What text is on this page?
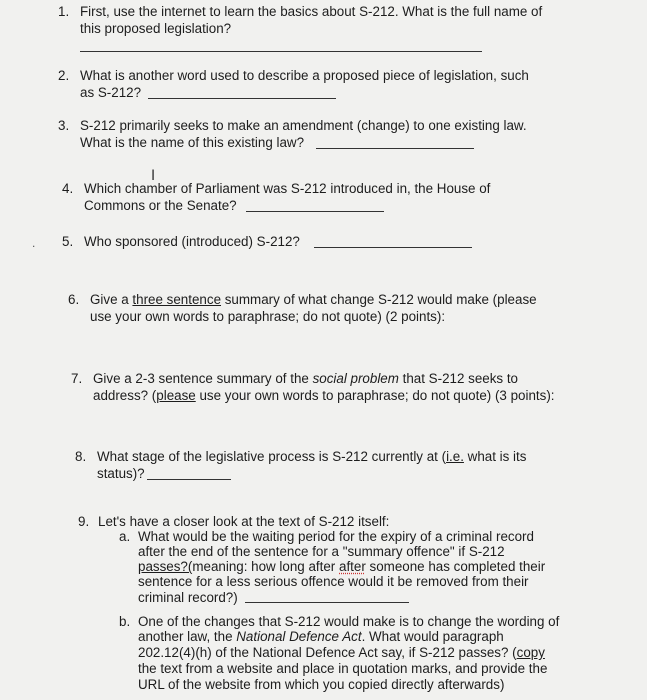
1. First, use the internet to learn the basics about S-212. What is the full name of
this proposed legislation?
2. What is another word used to describe a proposed piece of legislation, such
as S-212?
3. S-212 primarily seeks to make an amendment (change) to one existing law.
What is the name of this existing law?
I
4. Which chamber of Parliament was S-212 introduced in, the House of
Commons or the Senate?
. 5. Who sponsored (introduced) S-212?
6. Give a three sentence summary of what change S-212 would make (please
use your own words to paraphrase; do not quote) (2 points):
7. Give a 2-3 sentence summary of the social problem that S-212 seeks to
address? (please use your own words to paraphrase; do not quote) (3 points):
8. What stage of the legislative process is S-212 currently at (i.e. what is its
status)?
9. Let's have a closer look at the text of S-212 itself:
a. What would be the waiting period for the expiry of a criminal record
after the end of the sentence for a "summary offence" if S-212
passes?(meaning: how long after after someone has completed their
sentence for a less serious offence would it be removed from their
criminal record?)
b. One of the changes that S-212 would make is to change the wording of
another law, the National Defence Act. What would paragraph
202.12(4)(h) of the National Defence Act say, if S-212 passes? (copy
the text from a website and place in quotation marks, and provide the
URL of the website from which you copied directly afterwards)
